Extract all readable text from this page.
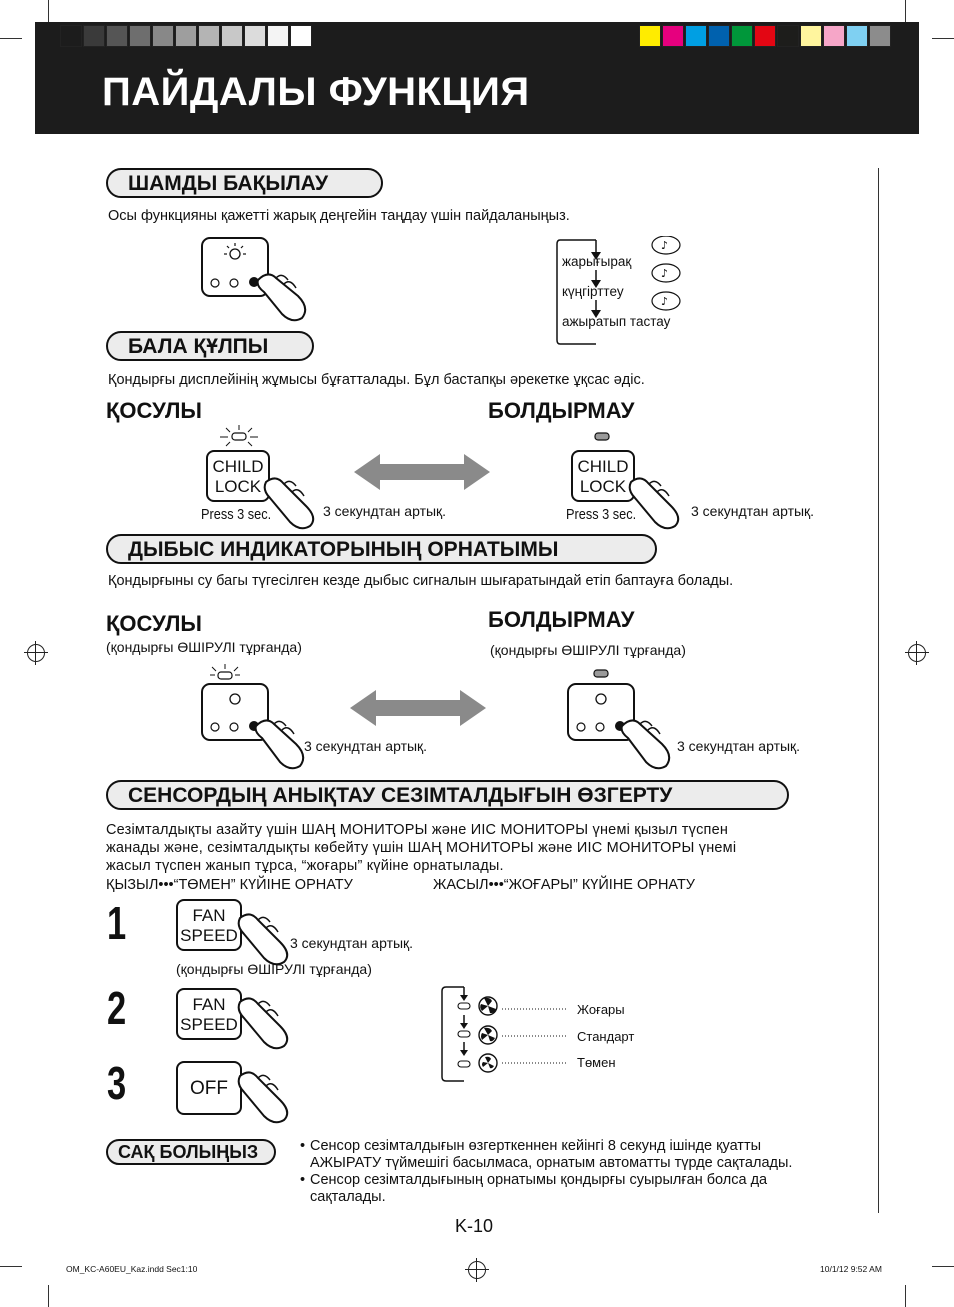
ПАЙДАЛЫ ФУНКЦИЯ
ШАМДЫ БАҚЫЛАУ
Осы функцияны қажетті жарық деңгейін таңдау үшін пайдаланыңыз.
♪
♪
♪
жарығырақ
күңгірттеу
ажыратып тастау
БАЛА ҚҰЛПЫ
Қондырғы дисплейінің жұмысы бұғатталады. Бұл бастапқы әрекетке ұқсас әдіс.
ҚОСУЛЫ	БОЛДЫРМАУ
CHILD
LOCK
Press 3 sec.	3 секундтан артық.
CHILD
LOCK
Press 3 sec.	3 секундтан артық.
ДЫБЫС ИНДИКАТОРЫНЫҢ ОРНАТЫМЫ
Қондырғыны су багы түгесілген кезде дыбыс сигналын шығаратындай етіп баптауға болады.
ҚОСУЛЫ
(қондырғы ӨШІРУЛІ тұрғанда)
БОЛДЫРМАУ
(қондырғы ӨШІРУЛІ тұрғанда)
3 секундтан артық.	3 секундтан артық.
СЕНСОРДЫҢ АНЫҚТАУ СЕЗІМТАЛДЫҒЫН ӨЗГЕРТУ
Сезімталдықты азайту үшін ШАҢ МОНИТОРЫ және ИІС МОНИТОРЫ үнемі қызыл түспен
жанады және, сезімталдықты көбейту үшін ШАҢ МОНИТОРЫ және ИІС МОНИТОРЫ үнемі
жасыл түспен жанып тұрса, “жоғары” күйіне орнатылады.
ҚЫЗЫЛ•••“ТӨМЕН” КҮЙІНЕ ОРНАТУ	ЖАСЫЛ•••“ЖОҒАРЫ” КҮЙІНЕ ОРНАТУ
1
2
3
FAN
SPEED	3 секундтан артық.
(қондырғы ӨШІРУЛІ тұрғанда)
FAN
SPEED
OFF
Жоғары
Стандарт
Төмен
САҚ БОЛЫҢЫЗ	• Сенсор сезімталдығын өзгерткеннен кейінгі 8 секунд ішінде қуатты
АЖЫРАТУ түймешігі басылмаса, орнатым автоматты түрде сақталады.
• Сенсор сезімталдығының орнатымы қондырғы суырылған болса да
сақталады.
K-10
OM_KC-A60EU_Kaz.indd Sec1:10	10/1/12 9:52 AM
